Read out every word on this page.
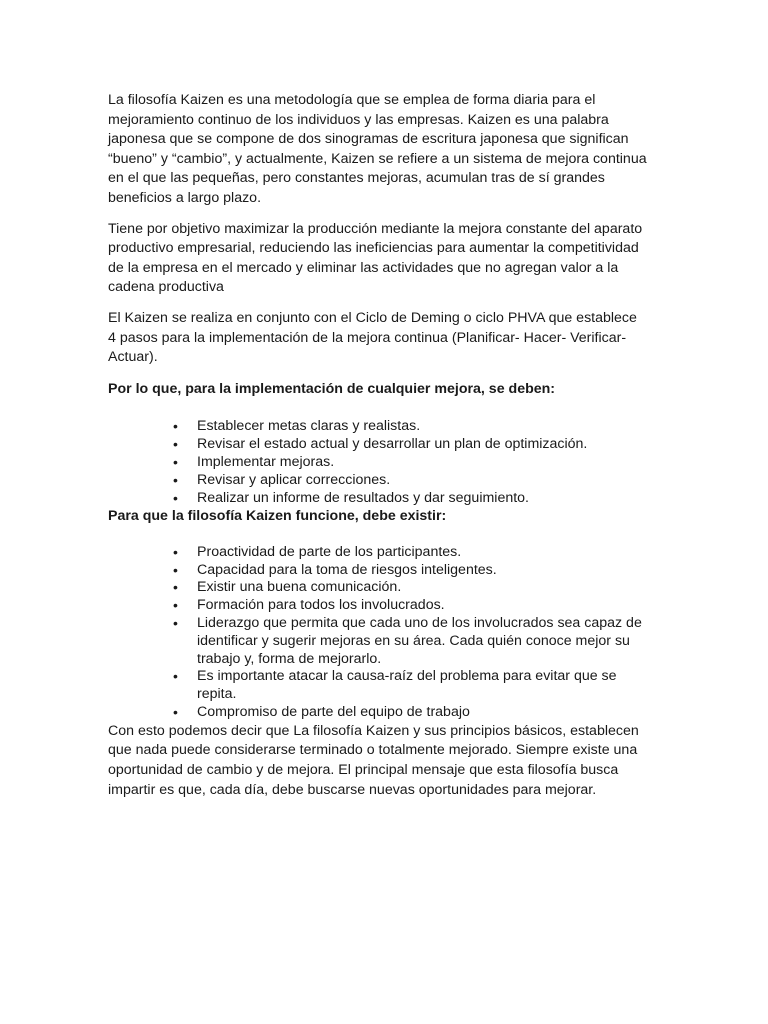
La filosofía Kaizen es una metodología que se emplea de forma diaria para el mejoramiento continuo de los individuos y las empresas. Kaizen es una palabra japonesa que se compone de dos sinogramas de escritura japonesa que significan “bueno” y “cambio”, y actualmente, Kaizen se refiere a un sistema de mejora continua en el que las pequeñas, pero constantes mejoras, acumulan tras de sí grandes beneficios a largo plazo.

Tiene por objetivo maximizar la producción mediante la mejora constante del aparato productivo empresarial, reduciendo las ineficiencias para aumentar la competitividad de la empresa en el mercado y eliminar las actividades que no agregan valor a la cadena productiva

El Kaizen se realiza en conjunto con el Ciclo de Deming o ciclo PHVA que establece 4 pasos para la implementación de la mejora continua (Planificar- Hacer- Verificar- Actuar).

Por lo que, para la implementación de cualquier mejora, se deben:

• Establecer metas claras y realistas.
• Revisar el estado actual y desarrollar un plan de optimización.
• Implementar mejoras.
• Revisar y aplicar correcciones.
• Realizar un informe de resultados y dar seguimiento.

Para que la filosofía Kaizen funcione, debe existir:

• Proactividad de parte de los participantes.
• Capacidad para la toma de riesgos inteligentes.
• Existir una buena comunicación.
• Formación para todos los involucrados.
• Liderazgo que permita que cada uno de los involucrados sea capaz de identificar y sugerir mejoras en su área. Cada quién conoce mejor su trabajo y, forma de mejorarlo.
• Es importante atacar la causa-raíz del problema para evitar que se repita.
• Compromiso de parte del equipo de trabajo

Con esto podemos decir que La filosofía Kaizen y sus principios básicos, establecen que nada puede considerarse terminado o totalmente mejorado. Siempre existe una oportunidad de cambio y de mejora. El principal mensaje que esta filosofía busca impartir es que, cada día, debe buscarse nuevas oportunidades para mejorar.
